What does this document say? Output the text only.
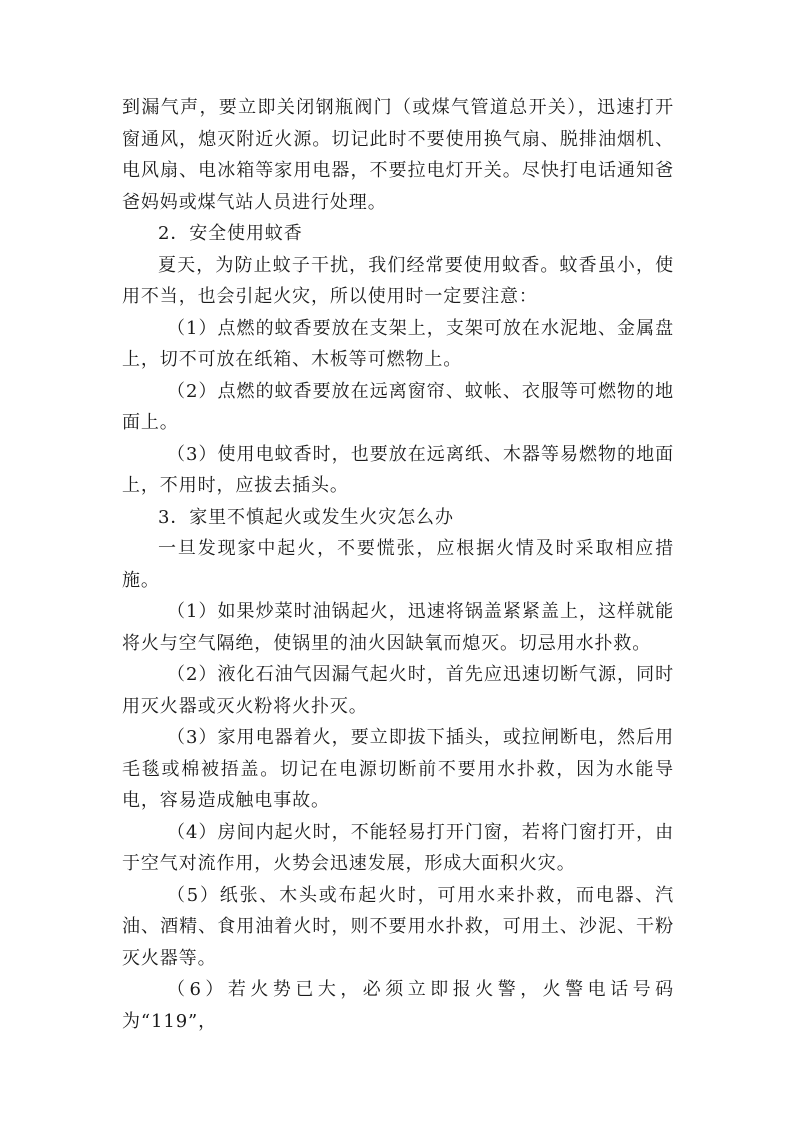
到漏气声，要立即关闭钢瓶阀门（或煤气管道总开关），迅速打开窗通风，熄灭附近火源。切记此时不要使用换气扇、脱排油烟机、电风扇、电冰箱等家用电器，不要拉电灯开关。尽快打电话通知爸爸妈妈或煤气站人员进行处理。

2．安全使用蚊香

夏天，为防止蚊子干扰，我们经常要使用蚊香。蚊香虽小，使用不当，也会引起火灾，所以使用时一定要注意：

（1）点燃的蚊香要放在支架上，支架可放在水泥地、金属盘上，切不可放在纸箱、木板等可燃物上。

（2）点燃的蚊香要放在远离窗帘、蚊帐、衣服等可燃物的地面上。

（3）使用电蚊香时，也要放在远离纸、木器等易燃物的地面上，不用时，应拔去插头。

3．家里不慎起火或发生火灾怎么办

一旦发现家中起火，不要慌张，应根据火情及时采取相应措施。

（1）如果炒菜时油锅起火，迅速将锅盖紧紧盖上，这样就能将火与空气隔绝，使锅里的油火因缺氧而熄灭。切忌用水扑救。

（2）液化石油气因漏气起火时，首先应迅速切断气源，同时用灭火器或灭火粉将火扑灭。

（3）家用电器着火，要立即拔下插头，或拉闸断电，然后用毛毯或棉被捂盖。切记在电源切断前不要用水扑救，因为水能导电，容易造成触电事故。

（4）房间内起火时，不能轻易打开门窗，若将门窗打开，由于空气对流作用，火势会迅速发展，形成大面积火灾。

（5）纸张、木头或布起火时，可用水来扑救，而电器、汽油、酒精、食用油着火时，则不要用水扑救，可用土、沙泥、干粉灭火器等。

（6）若火势已大，必须立即报火警，火警电话号码为“119”，
